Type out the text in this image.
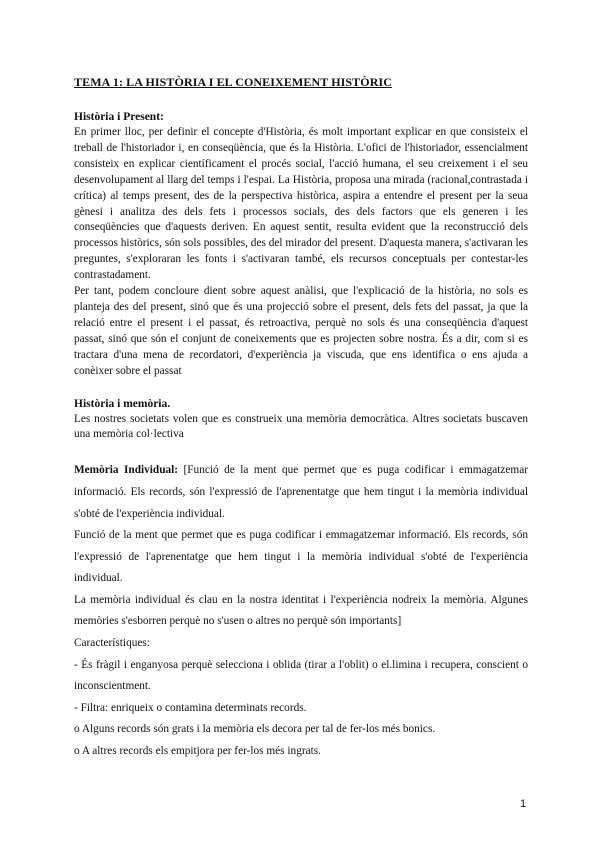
TEMA 1: LA HISTÒRIA I EL CONEIXEMENT HISTÒRIC
Història i Present:

En primer lloc, per definir el concepte d'Història, és molt important explicar en que consisteix el treball de l'historiador i, en conseqüència, que és la Història. L'ofici de l'historiador, essencialment consisteix en explicar científicament el procés social, l'acció humana, el seu creixement i el seu desenvolupament al llarg del temps i l'espai. La Història, proposa una mirada (racional,contrastada i crítica) al temps present, des de la perspectiva històrica, aspira a entendre el present per la seua gènesi i analitza des dels fets i processos socials, des dels factors que els generen i les conseqüències que d'aquests deriven. En aquest sentit, resulta evident que la reconstrucció dels processos històrics, són sols possibles, des del mirador del present. D'aquesta manera, s'activaran les preguntes, s'exploraran les fonts i s'activaran també, els recursos conceptuals per contestar-les contrastadament.

Per tant, podem concloure dient sobre aquest anàlisi, que l'explicació de la història, no sols es planteja des del present, sinó que és una projecció sobre el present, dels fets del passat, ja que la relació entre el present i el passat, és retroactiva, perquè no sols és una conseqüència d'aquest passat, sinó que són el conjunt de coneixements que es projecten sobre nostra. És a dir, com si es tractara d'una mena de recordatori, d'experiència ja viscuda, que ens identifica o ens ajuda a conèixer sobre el passat

Història i memòria.

Les nostres societats volen que es construeix una memòria democràtica. Altres societats buscaven una memòria col·lectiva

Memòria Individual: [Funció de la ment que permet que es puga codificar i emmagatzemar informació. Els records, són l'expressió de l'aprenentatge que hem tingut i la memòria individual s'obté de l'experiència individual.

Funció de la ment que permet que es puga codificar i emmagatzemar informació. Els records, són l'expressió de l'aprenentatge que hem tingut i la memòria individual s'obté de l'experiència individual.

La memòria individual és clau en la nostra identitat i l'experiència nodreix la memòria. Algunes memòries s'esborren perquè no s'usen o altres no perquè són importants]

Característiques:

- És fràgil i enganyosa perquè selecciona i oblida (tirar a l'oblit) o el.limina i recupera, conscient o inconscientment.

- Filtra: enriqueix o contamina determinats records.

o Alguns records són grats i la memòria els decora per tal de fer-los més bonics.

o A altres records els empitjora per fer-los més ingrats.

1
